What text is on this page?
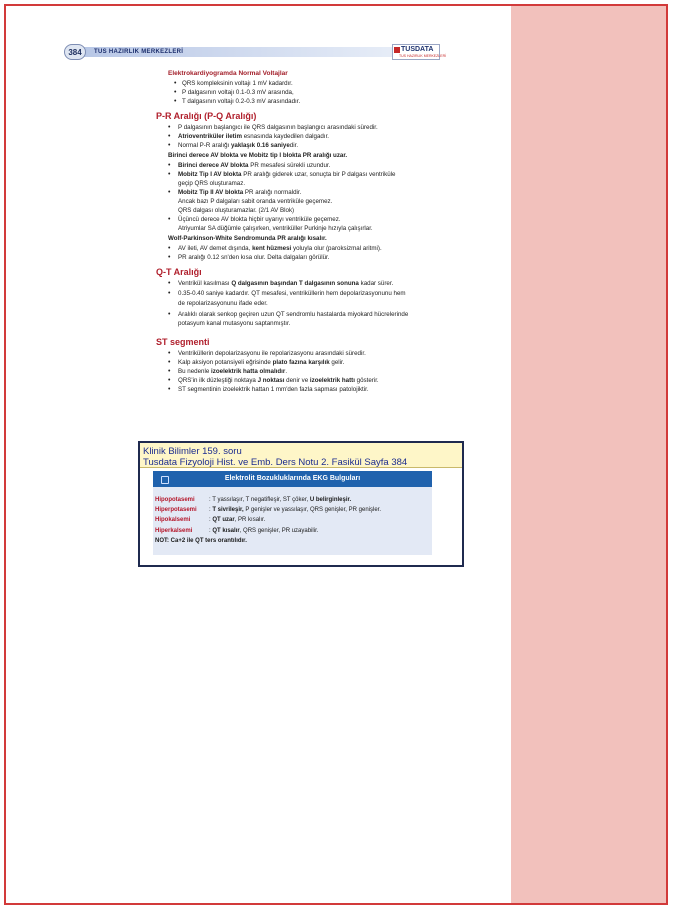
384	TUS HAZIRLIK MERKEZLERİ	TUSDATA
TUS HAZIRLIK MERKEZLERİ
Elektrokardiyogramda Normal Voltajlar
• QRS kompleksinin voltajı 1 mV kadardır.
• P dalgasının voltajı 0.1-0.3 mV arasında,
• T dalgasının voltajı 0.2-0.3 mV arasındadır.
P-R Aralığı (P-Q Aralığı)
• P dalgasının başlangıcı ile QRS dalgasının başlangıcı arasındaki süredir.
• Atrioventriküler iletim esnasında kaydedilen dalgadır.
• Normal P-R aralığı yaklaşık 0.16 saniyedir.
Birinci derece AV blokta ve Mobitz tip I blokta PR aralığı uzar.
• Birinci derece AV blokta PR mesafesi sürekli uzundur.
• Mobitz Tip I AV blokta PR aralığı giderek uzar, sonuçta bir P dalgası ventriküle
geçip QRS oluşturamaz.
• Mobitz Tip II AV blokta PR aralığı normaldir.
Ancak bazı P dalgaları sabit oranda ventriküle geçemez.
QRS dalgası oluşturamazlar. (2/1 AV Blok)
• Üçüncü derece AV blokta hiçbir uyarıyı ventriküle geçemez.
Atriyumlar SA düğümle çalışırken, ventriküller Purkinje hızıyla çalışırlar.
Wolf-Parkinson-White Sendromunda PR aralığı kısalır.
• AV ileti, AV demet dışında, kent hüzmesi yoluyla olur (paroksizmal aritmi).
• PR aralığı 0.12 sn'den kısa olur. Delta dalgaları görülür.
Q-T Aralığı
• Ventrikül kasılması Q dalgasının başından T dalgasının sonuna kadar sürer.
• 0.35-0.40 saniye kadardır. QT mesafesi, ventriküllerin hem depolarizasyonunu hem
de repolarizasyonunu ifade eder.
• Aralıklı olarak senkop geçiren uzun QT sendromlu hastalarda miyokard hücrelerinde
potasyum kanal mutasyonu saptanmıştır.
ST segmenti
• Ventriküllerin depolarizasyonu ile repolarizasyonu arasındaki süredir.
• Kalp aksiyon potansiyeli eğrisinde plato fazına karşılık gelir.
• Bu nedenle izoelektrik hatta olmalıdır.
• QRS'in ilk düzleştiği noktaya J noktası denir ve izoelektrik hattı gösterir.
• ST segmentinin izoelektrik hattan 1 mm'den fazla sapması patolojiktir.
Klinik Bilimler 159. soru
Tusdata Fizyoloji Hist. ve Emb. Ders Notu 2. Fasikül Sayfa 384
Elektrolit Bozukluklarında EKG Bulguları
Hipopotasemi : T yassılaşır, T negatifleşir, ST çöker, U belirginleşir.
Hiperpotasemi : T sivrileşir, P genişler ve yassılaşır, QRS genişler, PR genişler.
Hipokalsemi	: QT uzar, PR kısalır.
Hiperkalsemi	: QT kısalır, QRS genişler, PR uzayabilir.
NOT: Ca+2 ile QT ters orantılıdır.
